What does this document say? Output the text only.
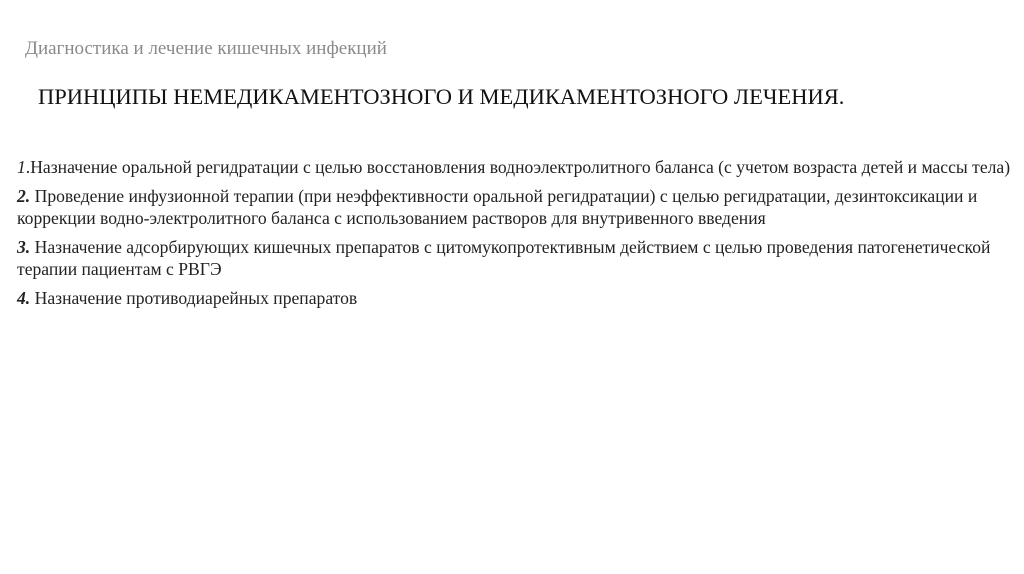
Диагностика и лечение кишечных инфекций
ПРИНЦИПЫ НЕМЕДИКАМЕНТОЗНОГО И МЕДИКАМЕНТОЗНОГО ЛЕЧЕНИЯ.

1.Назначение оральной регидратации с целью восстановления водноэлектролитного баланса (с учетом возраста детей и массы тела)

2. Проведение инфузионной терапии (при неэффективности оральной регидратации) с целью регидратации, дезинтоксикации и коррекции водно-электролитного баланса с использованием растворов для внутривенного введения

3. Назначение адсорбирующих кишечных препаратов с цитомукопротективным действием с целью проведения патогенетической терапии пациентам с РВГЭ

4. Назначение противодиарейных препаратов
